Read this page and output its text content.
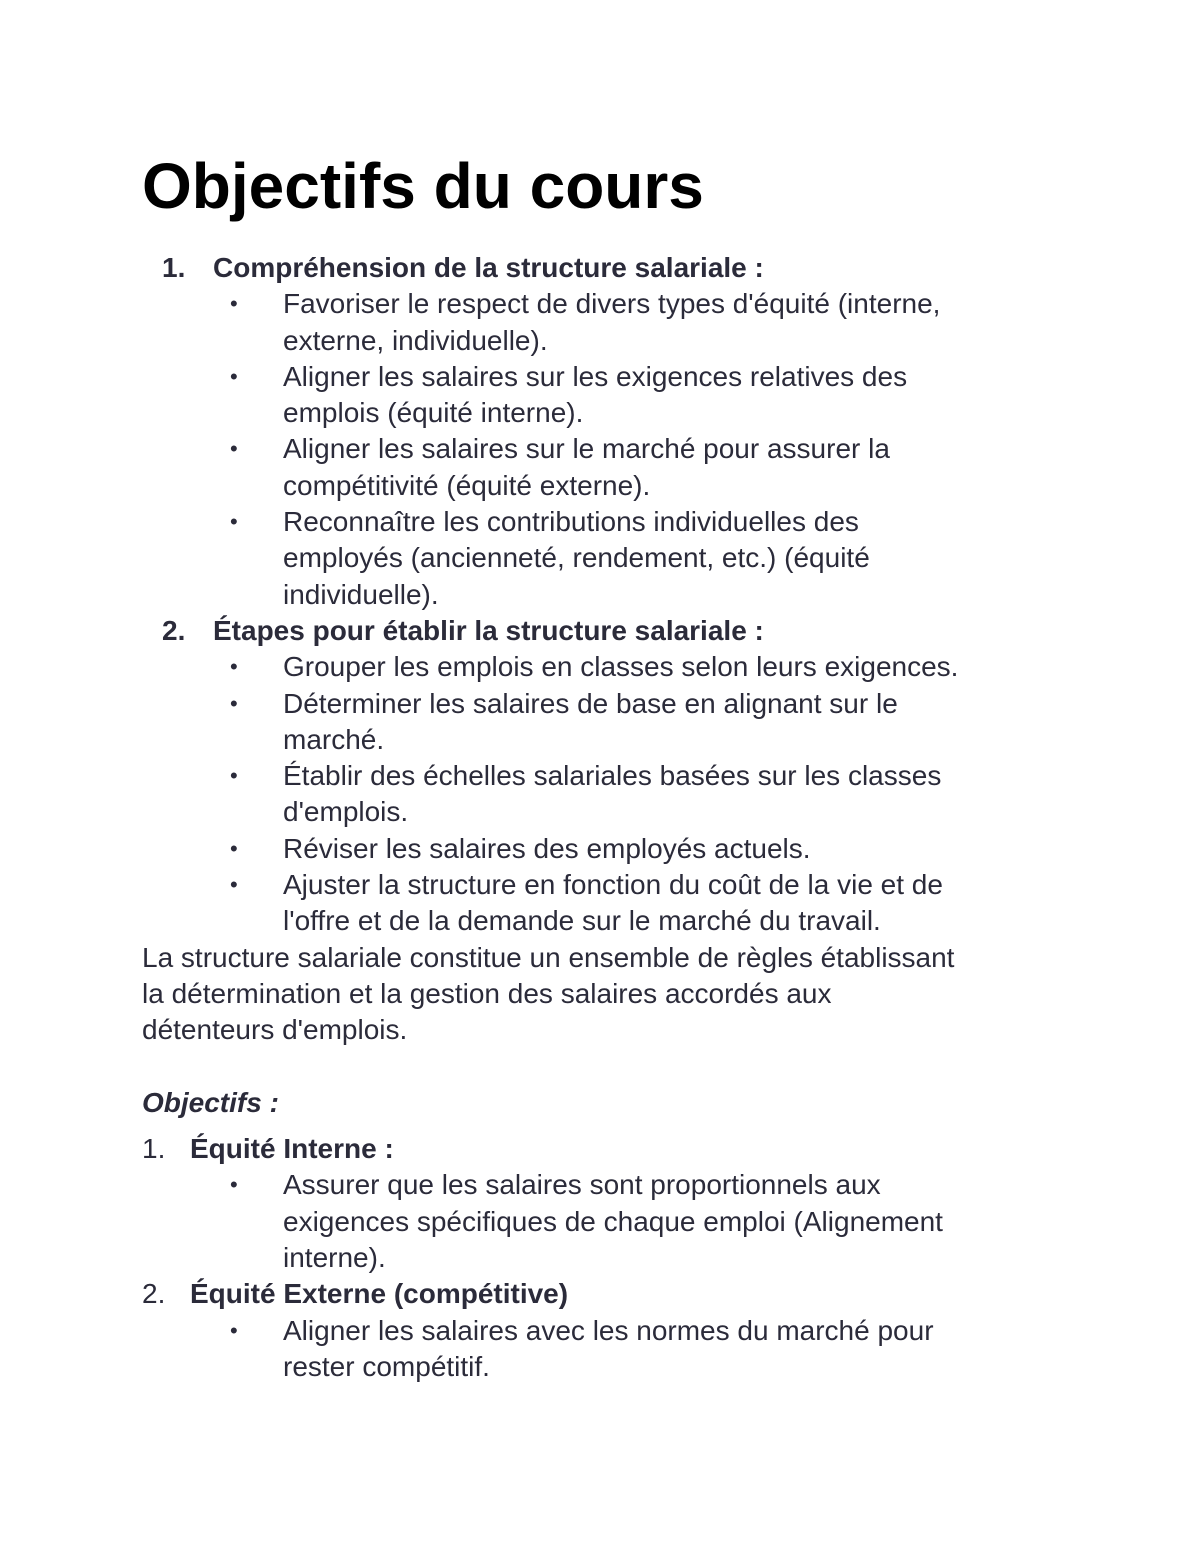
Objectifs du cours
1. Compréhension de la structure salariale :
• Favoriser le respect de divers types d'équité (interne,
externe, individuelle).
• Aligner les salaires sur les exigences relatives des
emplois (équité interne).
• Aligner les salaires sur le marché pour assurer la
compétitivité (équité externe).
• Reconnaître les contributions individuelles des
employés (ancienneté, rendement, etc.) (équité
individuelle).
2. Étapes pour établir la structure salariale :
• Grouper les emplois en classes selon leurs exigences.
• Déterminer les salaires de base en alignant sur le
marché.
• Établir des échelles salariales basées sur les classes
d'emplois.
• Réviser les salaires des employés actuels.
• Ajuster la structure en fonction du coût de la vie et de
l'offre et de la demande sur le marché du travail.
La structure salariale constitue un ensemble de règles établissant
la détermination et la gestion des salaires accordés aux
détenteurs d'emplois.
Objectifs :
1. Équité Interne :
• Assurer que les salaires sont proportionnels aux
exigences spécifiques de chaque emploi (Alignement
interne).
2. Équité Externe (compétitive)
• Aligner les salaires avec les normes du marché pour
rester compétitif.
